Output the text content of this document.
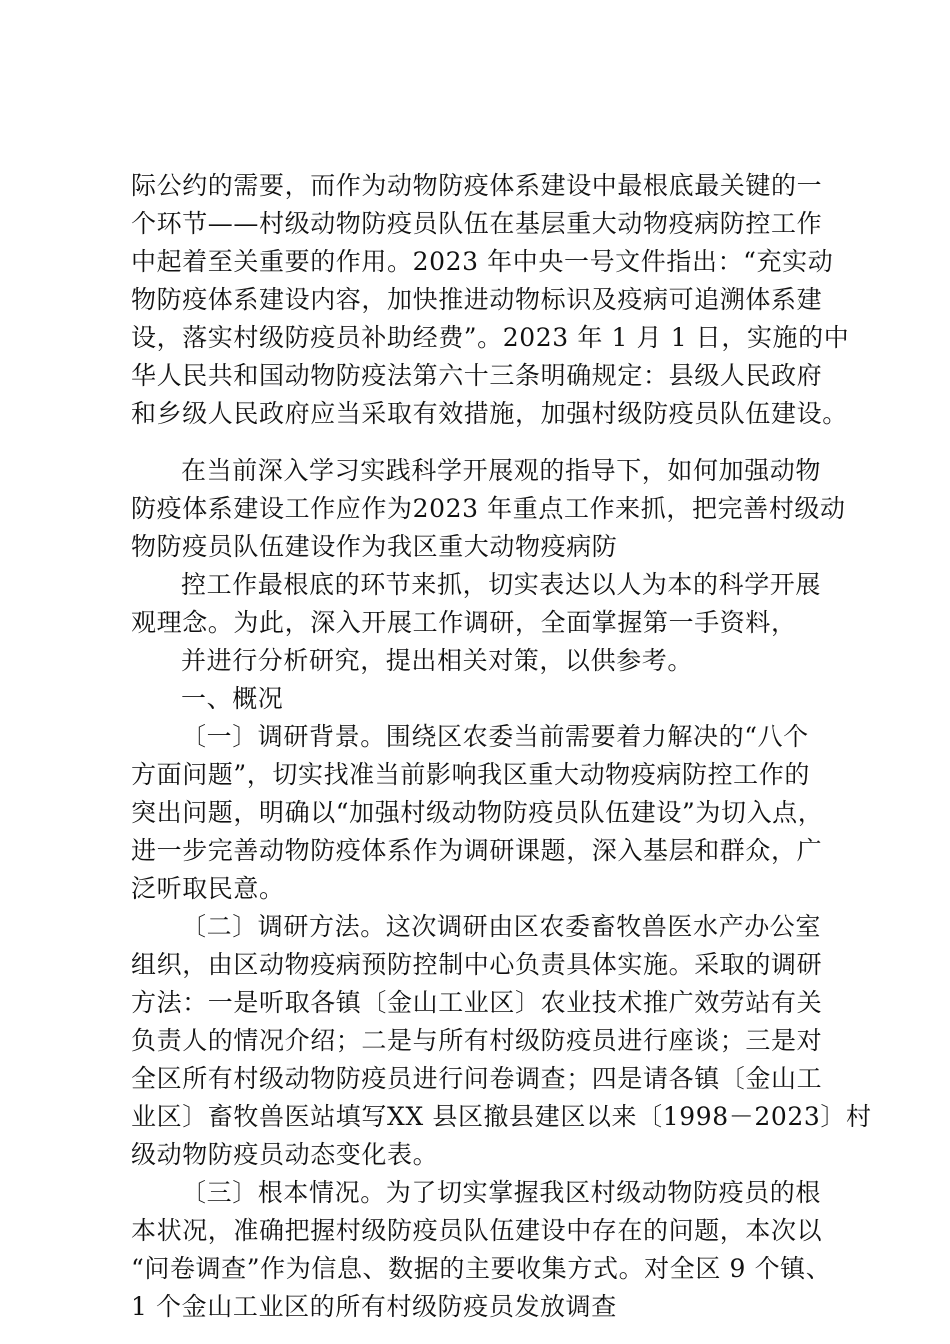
际公约的需要，而作为动物防疫体系建设中最根底最关键的一
个环节——村级动物防疫员队伍在基层重大动物疫病防控工作
中起着至关重要的作用。2023 年中央一号文件指出：“充实动
物防疫体系建设内容，加快推进动物标识及疫病可追溯体系建
设，落实村级防疫员补助经费”。2023 年 1 月 1 日，实施的中
华人民共和国动物防疫法第六十三条明确规定：县级人民政府
和乡级人民政府应当采取有效措施，加强村级防疫员队伍建设。
在当前深入学习实践科学开展观的指导下，如何加强动物
防疫体系建设工作应作为2023 年重点工作来抓，把完善村级动
物防疫员队伍建设作为我区重大动物疫病防
控工作最根底的环节来抓，切实表达以人为本的科学开展
观理念。为此，深入开展工作调研，全面掌握第一手资料，
并进行分析研究，提出相关对策，以供参考。
一、概况
〔一〕调研背景。围绕区农委当前需要着力解决的“八个
方面问题”，切实找准当前影响我区重大动物疫病防控工作的
突出问题，明确以“加强村级动物防疫员队伍建设”为切入点，
进一步完善动物防疫体系作为调研课题，深入基层和群众，广
泛听取民意。
〔二〕调研方法。这次调研由区农委畜牧兽医水产办公室
组织，由区动物疫病预防控制中心负责具体实施。采取的调研
方法：一是听取各镇〔金山工业区〕农业技术推广效劳站有关
负责人的情况介绍；二是与所有村级防疫员进行座谈；三是对
全区所有村级动物防疫员进行问卷调查；四是请各镇〔金山工
业区〕畜牧兽医站填写XX 县区撤县建区以来〔1998－2023〕村
级动物防疫员动态变化表。
〔三〕根本情况。为了切实掌握我区村级动物防疫员的根
本状况，准确把握村级防疫员队伍建设中存在的问题，本次以
“问卷调查”作为信息、数据的主要收集方式。对全区 9 个镇、
1 个金山工业区的所有村级防疫员发放调查
